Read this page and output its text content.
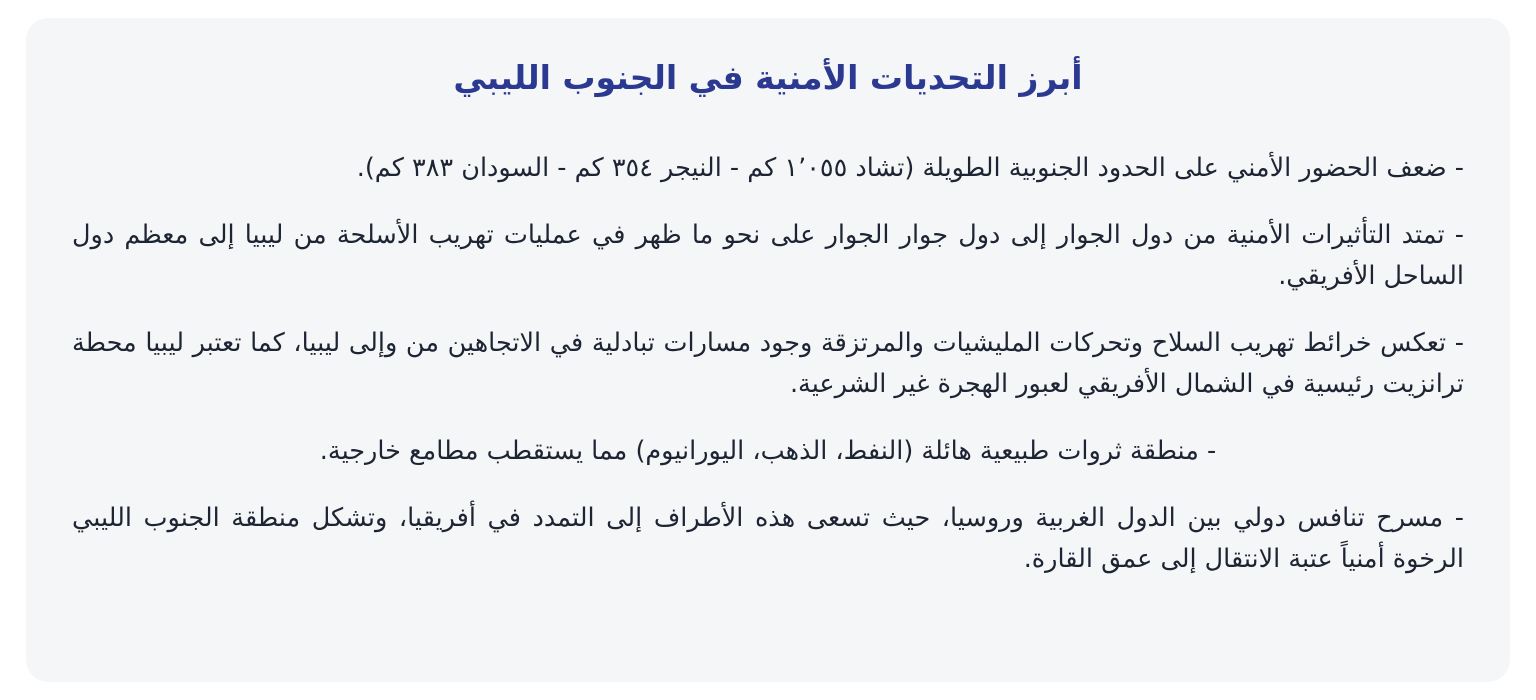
أبرز التحديات الأمنية في الجنوب الليبي

- ضعف الحضور الأمني على الحدود الجنوبية الطويلة (تشاد ١٬٠٥٥ كم - النيجر ٣٥٤ كم - السودان ٣٨٣ كم).

- تمتد التأثيرات الأمنية من دول الجوار إلى دول جوار الجوار على نحو ما ظهر في عمليات تهريب الأسلحة من ليبيا إلى معظم دول الساحل الأفريقي.

- تعكس خرائط تهريب السلاح وتحركات المليشيات والمرتزقة وجود مسارات تبادلية في الاتجاهين من وإلى ليبيا، كما تعتبر ليبيا محطة ترانزيت رئيسية في الشمال الأفريقي لعبور الهجرة غير الشرعية.

- منطقة ثروات طبيعية هائلة (النفط، الذهب، اليورانيوم) مما يستقطب مطامع خارجية.

- مسرح تنافس دولي بين الدول الغربية وروسيا، حيث تسعى هذه الأطراف إلى التمدد في أفريقيا، وتشكل منطقة الجنوب الليبي الرخوة أمنياً عتبة الانتقال إلى عمق القارة.
